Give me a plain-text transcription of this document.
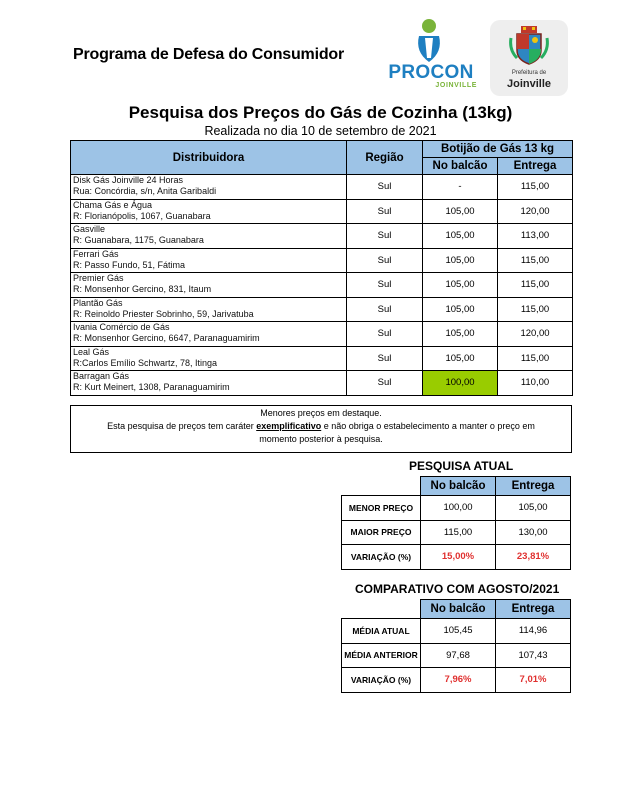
Programa de Defesa do Consumidor
PROCON
JOINVILLE
Prefeitura de
Joinville
Pesquisa dos Preços do Gás de Cozinha (13kg)
Realizada no dia 10 de setembro de 2021
Distribuidora	Região	Botijão de Gás 13 kg	
		No balcão	Entrega

Disk Gás Joinville 24 Horas
Rua: Concórdia, s/n, Anita Garibaldi	Sul	-	115,00

Chama Gás e Água
R: Florianópolis, 1067, Guanabara	Sul	105,00	120,00

Gasville
R: Guanabara, 1175, Guanabara	Sul	105,00	113,00

Ferrari Gás
R: Passo Fundo, 51, Fátima	Sul	105,00	115,00

Premier Gás
R: Monsenhor Gercino, 831, Itaum	Sul	105,00	115,00

Plantão Gás
R: Reinoldo Priester Sobrinho, 59, Jarivatuba	Sul	105,00	115,00

Ivania Comércio de Gás
R: Monsenhor Gercino, 6647, Paranaguamirim	Sul	105,00	120,00

Leal Gás
R:Carlos Emílio Schwartz, 78, Itinga	Sul	105,00	115,00

Barragan Gás
R: Kurt Meinert, 1308, Paranaguamirim	Sul	100,00	110,00
Menores preços em destaque.
Esta pesquisa de preços tem caráter exemplificativo e não obriga o estabelecimento a manter o preço em
momento posterior à pesquisa.
PESQUISA ATUAL
	No balcão	Entrega
MENOR PREÇO	100,00	105,00
MAIOR PREÇO	115,00	130,00
VARIAÇÃO (%)	15,00%	23,81%
COMPARATIVO COM AGOSTO/2021
	No balcão	Entrega
MÉDIA ATUAL	105,45	114,96
MÉDIA ANTERIOR	97,68	107,43
VARIAÇÃO (%)	7,96%	7,01%
